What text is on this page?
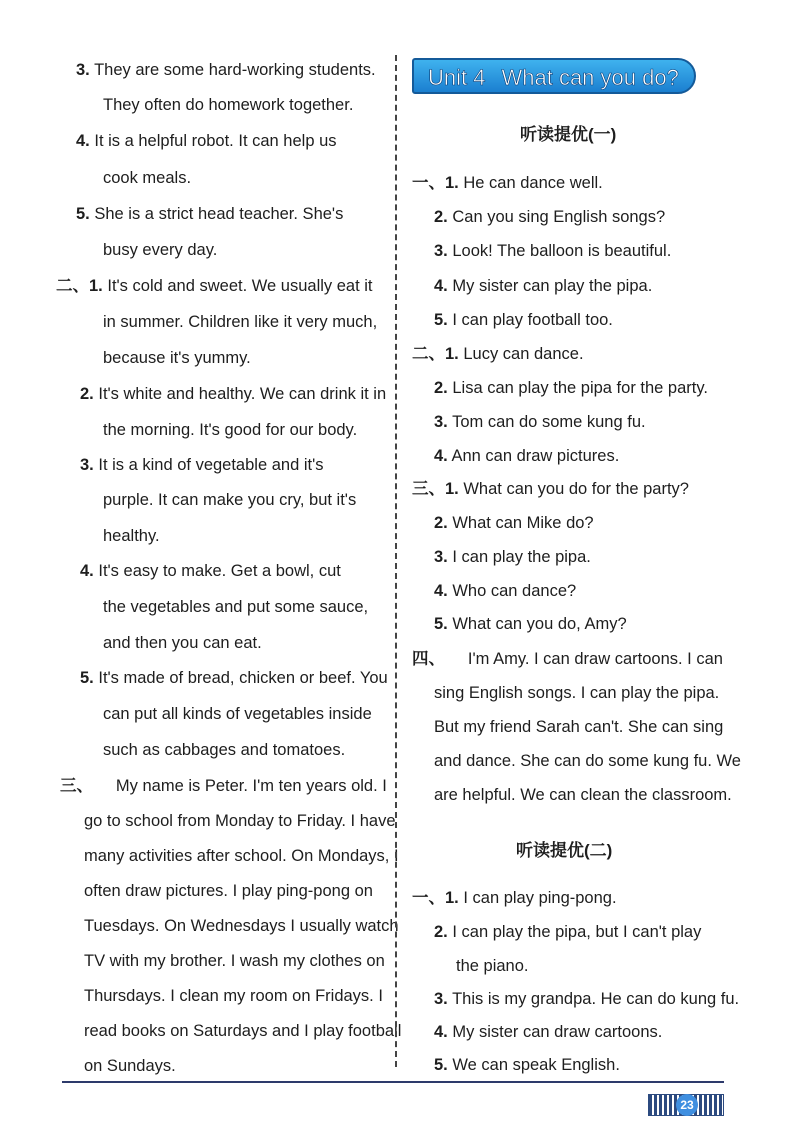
3. They are some hard-working students.
They often do homework together.
4. It is a helpful robot. It can help us
cook meals.
5. She is a strict head teacher. She's
busy every day.
二、1. It's cold and sweet. We usually eat it
in summer. Children like it very much,
because it's yummy.
2. It's white and healthy. We can drink it in
the morning. It's good for our body.
3. It is a kind of vegetable and it's
purple. It can make you cry, but it's
healthy.
4. It's easy to make. Get a bowl, cut
the vegetables and put some sauce,
and then you can eat.
5. It's made of bread, chicken or beef. You
can put all kinds of vegetables inside
such as cabbages and tomatoes.
三、 My name is Peter. I'm ten years old. I
go to school from Monday to Friday. I have
many activities after school. On Mondays, I
often draw pictures. I play ping-pong on
Tuesdays. On Wednesdays I usually watch
TV with my brother. I wash my clothes on
Thursdays. I clean my room on Fridays. I
read books on Saturdays and I play football
on Sundays.
Unit 4 What can you do?
听读提优(一)
一、1. He can dance well.
2. Can you sing English songs?
3. Look! The balloon is beautiful.
4. My sister can play the pipa.
5. I can play football too.
二、1. Lucy can dance.
2. Lisa can play the pipa for the party.
3. Tom can do some kung fu.
4. Ann can draw pictures.
三、1. What can you do for the party?
2. What can Mike do?
3. I can play the pipa.
4. Who can dance?
5. What can you do, Amy?
四、 I'm Amy. I can draw cartoons. I can
sing English songs. I can play the pipa.
But my friend Sarah can't. She can sing
and dance. She can do some kung fu. We
are helpful. We can clean the classroom.
听读提优(二)
一、1. I can play ping-pong.
2. I can play the pipa, but I can't play
the piano.
3. This is my grandpa. He can do kung fu.
4. My sister can draw cartoons.
5. We can speak English.
23
